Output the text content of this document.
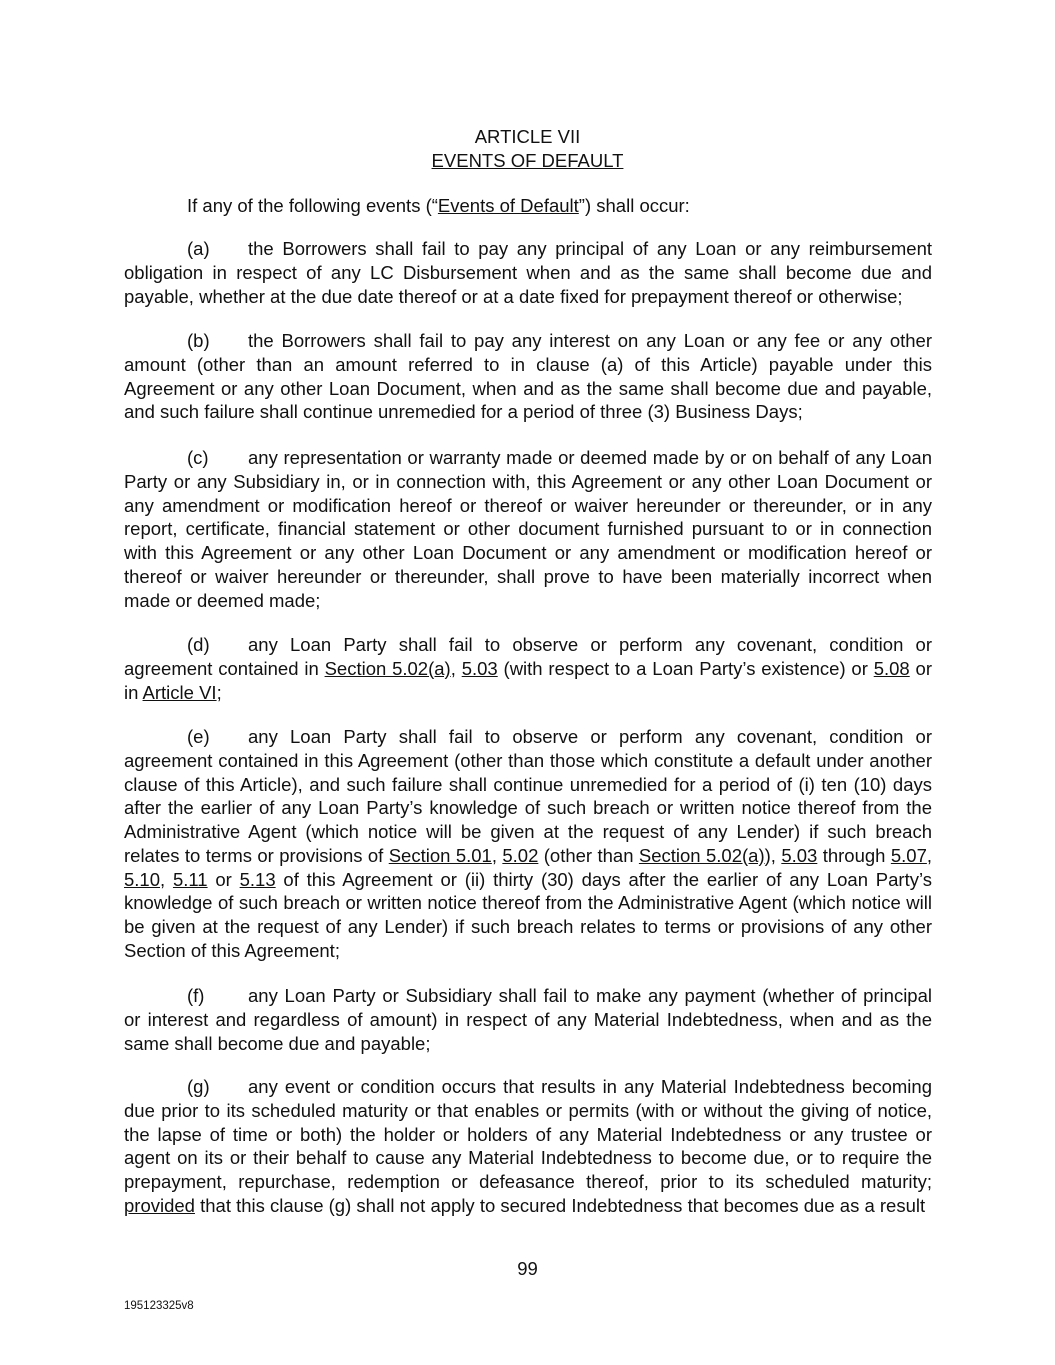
ARTICLE VII
EVENTS OF DEFAULT
If any of the following events (“Events of Default”) shall occur:
(a) the Borrowers shall fail to pay any principal of any Loan or any reimbursement obligation in respect of any LC Disbursement when and as the same shall become due and payable, whether at the due date thereof or at a date fixed for prepayment thereof or otherwise;
(b) the Borrowers shall fail to pay any interest on any Loan or any fee or any other amount (other than an amount referred to in clause (a) of this Article) payable under this Agreement or any other Loan Document, when and as the same shall become due and payable, and such failure shall continue unremedied for a period of three (3) Business Days;
(c) any representation or warranty made or deemed made by or on behalf of any Loan Party or any Subsidiary in, or in connection with, this Agreement or any other Loan Document or any amendment or modification hereof or thereof or waiver hereunder or thereunder, or in any report, certificate, financial statement or other document furnished pursuant to or in connection with this Agreement or any other Loan Document or any amendment or modification hereof or thereof or waiver hereunder or thereunder, shall prove to have been materially incorrect when made or deemed made;
(d) any Loan Party shall fail to observe or perform any covenant, condition or agreement contained in Section 5.02(a), 5.03 (with respect to a Loan Party’s existence) or 5.08 or in Article VI;
(e) any Loan Party shall fail to observe or perform any covenant, condition or agreement contained in this Agreement (other than those which constitute a default under another clause of this Article), and such failure shall continue unremedied for a period of (i) ten (10) days after the earlier of any Loan Party’s knowledge of such breach or written notice thereof from the Administrative Agent (which notice will be given at the request of any Lender) if such breach relates to terms or provisions of Section 5.01, 5.02 (other than Section 5.02(a)), 5.03 through 5.07, 5.10, 5.11 or 5.13 of this Agreement or (ii) thirty (30) days after the earlier of any Loan Party’s knowledge of such breach or written notice thereof from the Administrative Agent (which notice will be given at the request of any Lender) if such breach relates to terms or provisions of any other Section of this Agreement;
(f) any Loan Party or Subsidiary shall fail to make any payment (whether of principal or interest and regardless of amount) in respect of any Material Indebtedness, when and as the same shall become due and payable;
(g) any event or condition occurs that results in any Material Indebtedness becoming due prior to its scheduled maturity or that enables or permits (with or without the giving of notice, the lapse of time or both) the holder or holders of any Material Indebtedness or any trustee or agent on its or their behalf to cause any Material Indebtedness to become due, or to require the prepayment, repurchase, redemption or defeasance thereof, prior to its scheduled maturity; provided that this clause (g) shall not apply to secured Indebtedness that becomes due as a result
99
195123325v8
